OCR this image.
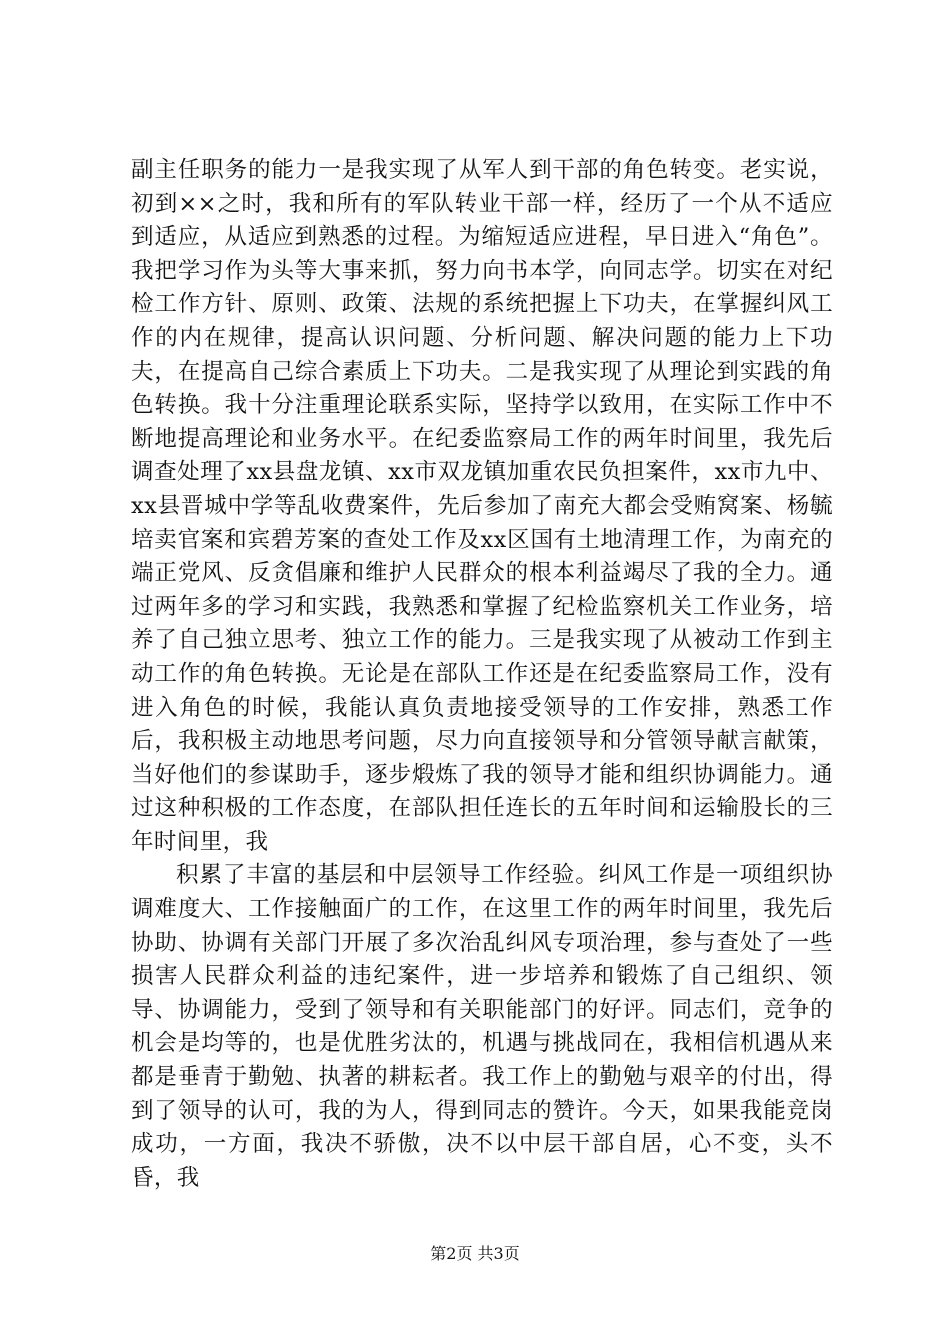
副主任职务的能力一是我实现了从军人到干部的角色转变。老实说，初到××之时，我和所有的军队转业干部一样，经历了一个从不适应到适应，从适应到熟悉的过程。为缩短适应进程，早日进入“角色”。我把学习作为头等大事来抓，努力向书本学，向同志学。切实在对纪检工作方针、原则、政策、法规的系统把握上下功夫，在掌握纠风工作的内在规律，提高认识问题、分析问题、解决问题的能力上下功夫，在提高自己综合素质上下功夫。二是我实现了从理论到实践的角色转换。我十分注重理论联系实际，坚持学以致用，在实际工作中不断地提高理论和业务水平。在纪委监察局工作的两年时间里，我先后调查处理了xx县盘龙镇、xx市双龙镇加重农民负担案件，xx市九中、xx县晋城中学等乱收费案件，先后参加了南充大都会受贿窝案、杨毓培卖官案和宾碧芳案的查处工作及xx区国有土地清理工作，为南充的端正党风、反贪倡廉和维护人民群众的根本利益竭尽了我的全力。通过两年多的学习和实践，我熟悉和掌握了纪检监察机关工作业务，培养了自己独立思考、独立工作的能力。三是我实现了从被动工作到主动工作的角色转换。无论是在部队工作还是在纪委监察局工作，没有进入角色的时候，我能认真负责地接受领导的工作安排，熟悉工作后，我积极主动地思考问题，尽力向直接领导和分管领导献言献策，当好他们的参谋助手，逐步煅炼了我的领导才能和组织协调能力。通过这种积极的工作态度，在部队担任连长的五年时间和运输股长的三年时间里，我

积累了丰富的基层和中层领导工作经验。纠风工作是一项组织协调难度大、工作接触面广的工作，在这里工作的两年时间里，我先后协助、协调有关部门开展了多次治乱纠风专项治理，参与查处了一些损害人民群众利益的违纪案件，进一步培养和锻炼了自己组织、领导、协调能力，受到了领导和有关职能部门的好评。同志们，竞争的机会是均等的，也是优胜劣汰的，机遇与挑战同在，我相信机遇从来都是垂青于勤勉、执著的耕耘者。我工作上的勤勉与艰辛的付出，得到了领导的认可，我的为人，得到同志的赞许。今天，如果我能竞岗成功，一方面，我决不骄傲，决不以中层干部自居，心不变，头不昏，我

第2页 共3页
